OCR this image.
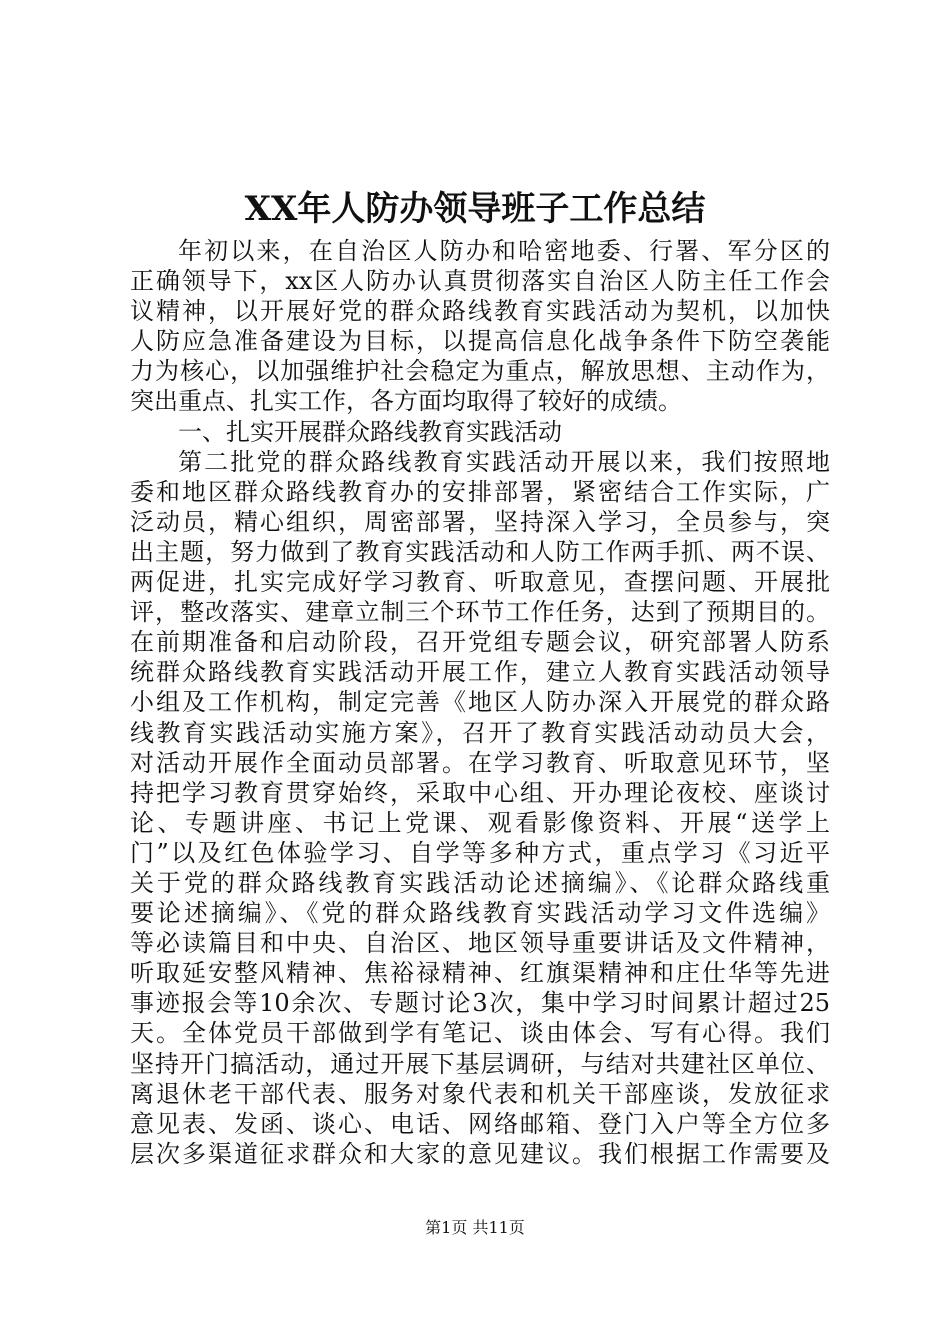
XX年人防办领导班子工作总结
年初以来，在自治区人防办和哈密地委、行署、军分区的
正确领导下，xx区人防办认真贯彻落实自治区人防主任工作会
议精神，以开展好党的群众路线教育实践活动为契机，以加快
人防应急准备建设为目标，以提高信息化战争条件下防空袭能
力为核心，以加强维护社会稳定为重点，解放思想、主动作为，
突出重点、扎实工作，各方面均取得了较好的成绩。
一、扎实开展群众路线教育实践活动
第二批党的群众路线教育实践活动开展以来，我们按照地
委和地区群众路线教育办的安排部署，紧密结合工作实际，广
泛动员，精心组织，周密部署，坚持深入学习，全员参与，突
出主题，努力做到了教育实践活动和人防工作两手抓、两不误、
两促进，扎实完成好学习教育、听取意见，查摆问题、开展批
评，整改落实、建章立制三个环节工作任务，达到了预期目的。
在前期准备和启动阶段，召开党组专题会议，研究部署人防系
统群众路线教育实践活动开展工作，建立人教育实践活动领导
小组及工作机构，制定完善《地区人防办深入开展党的群众路
线教育实践活动实施方案》，召开了教育实践活动动员大会，
对活动开展作全面动员部署。在学习教育、听取意见环节，坚
持把学习教育贯穿始终，采取中心组、开办理论夜校、座谈讨
论、专题讲座、书记上党课、观看影像资料、开展“送学上
门”以及红色体验学习、自学等多种方式，重点学习《习近平
关于党的群众路线教育实践活动论述摘编》、《论群众路线重
要论述摘编》、《党的群众路线教育实践活动学习文件选编》
等必读篇目和中央、自治区、地区领导重要讲话及文件精神，
听取延安整风精神、焦裕禄精神、红旗渠精神和庄仕华等先进
事迹报会等10余次、专题讨论3次，集中学习时间累计超过25
天。全体党员干部做到学有笔记、谈由体会、写有心得。我们
坚持开门搞活动，通过开展下基层调研，与结对共建社区单位、
离退休老干部代表、服务对象代表和机关干部座谈，发放征求
意见表、发函、谈心、电话、网络邮箱、登门入户等全方位多
层次多渠道征求群众和大家的意见建议。我们根据工作需要及
第1页 共11页
